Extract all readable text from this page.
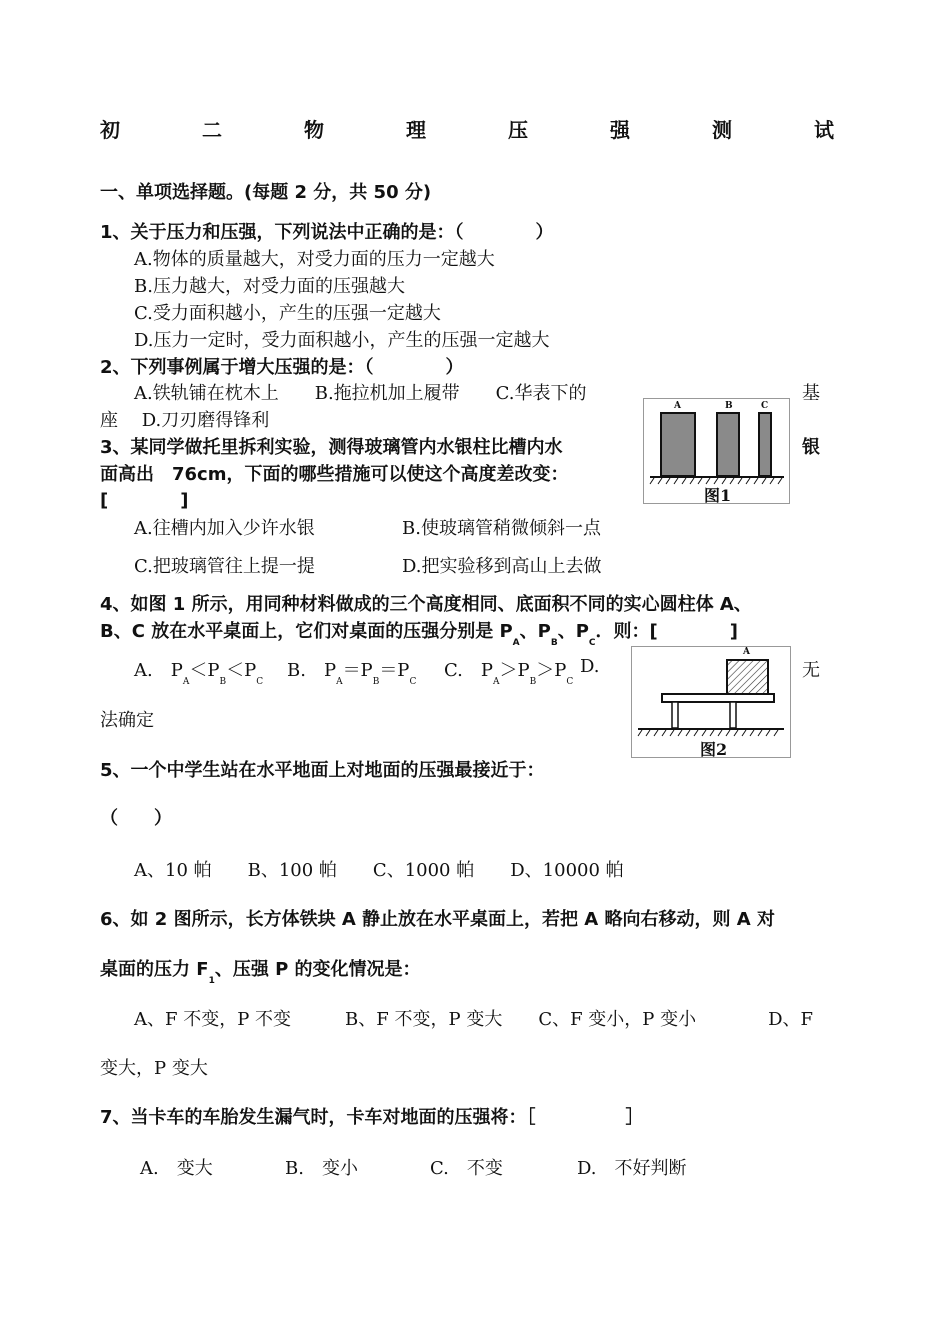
初	二	物	理	压	强	测	试
一、单项选择题。(每题 2 分，共 50 分)
1、关于压力和压强，下列说法中正确的是：（　　　　）
A.物体的质量越大，对受力面的压力一定越大
B.压力越大，对受力面的压强越大
C.受力面积越小，产生的压强一定越大
D.压力一定时，受力面积越小，产生的压强一定越大
2、下列事例属于增大压强的是：（　　　　）
A.铁轨铺在枕木上　　B.拖拉机加上履带　　C.华表下的	基
座　 D.刀刃磨得锋利
A	B	C
图1
3、某同学做托里拆利实验，测得玻璃管内水银柱比槽内水	银
面高出　76cm，下面的哪些措施可以使这个高度差改变：
[　　　　]
A.往槽内加入少许水银	B.使玻璃管稍微倾斜一点
C.把玻璃管往上提一提	D.把实验移到高山上去做
4、如图 1 所示，用同种材料做成的三个高度相同、底面积不同的实心圆柱体 A、
B、C 放在水平桌面上，它们对桌面的压强分别是 $P_A$、$P_B$、$P_C$．则：[　　　　]
A.　$P_A<P_B<P_C$
B.　$P_A=P_B=P_C$
C.　$P_A>P_B>P_C$
D.	无
法确定
A
图2
5、一个中学生站在水平地面上对地面的压强最接近于：
（　　）
A、10 帕　　B、100 帕　　C、1000 帕　　D、10000 帕
6、如 2 图所示，长方体铁块 A 静止放在水平桌面上，若把 A 略向右移动，则 A 对
桌面的压力 $F_1$、压强 P 的变化情况是：
A、F 不变，P 不变　　　B、F 不变，P 变大　　C、F 变小，P 变小　　　　D、F
变大，P 变大
7、当卡车的车胎发生漏气时，卡车对地面的压强将：［　　　　　］
A.　变大	B.　变小	C.　不变	D.　不好判断
